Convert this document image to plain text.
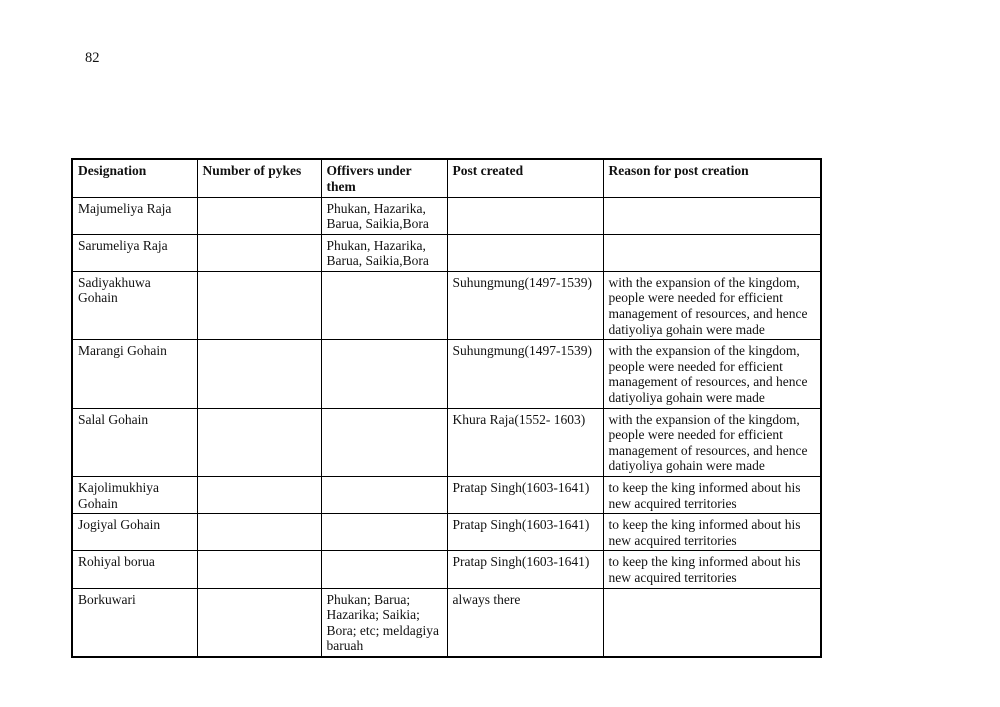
82
Designation	Number of pykes	Offivers under them	Post created	Reason for post creation
Majumeliya Raja		Phukan, Hazarika, Barua, Saikia,Bora		
Sarumeliya Raja		Phukan, Hazarika, Barua, Saikia,Bora		
Sadiyakhuwa Gohain			Suhungmung(1497-1539)	with the expansion of the kingdom, people were needed for efficient management of resources, and hence datiyoliya gohain were made
Marangi Gohain			Suhungmung(1497-1539)	with the expansion of the kingdom, people were needed for efficient management of resources, and hence datiyoliya gohain were made
Salal Gohain			Khura Raja(1552- 1603)	with the expansion of the kingdom, people were needed for efficient management of resources, and hence datiyoliya gohain were made
Kajolimukhiya Gohain			Pratap Singh(1603-1641)	to keep the king informed about his new acquired territories
Jogiyal Gohain			Pratap Singh(1603-1641)	to keep the king informed about his new acquired territories
Rohiyal borua			Pratap Singh(1603-1641)	to keep the king informed about his new acquired territories
Borkuwari		Phukan; Barua; Hazarika; Saikia; Bora; etc; meldagiya baruah	always there	
